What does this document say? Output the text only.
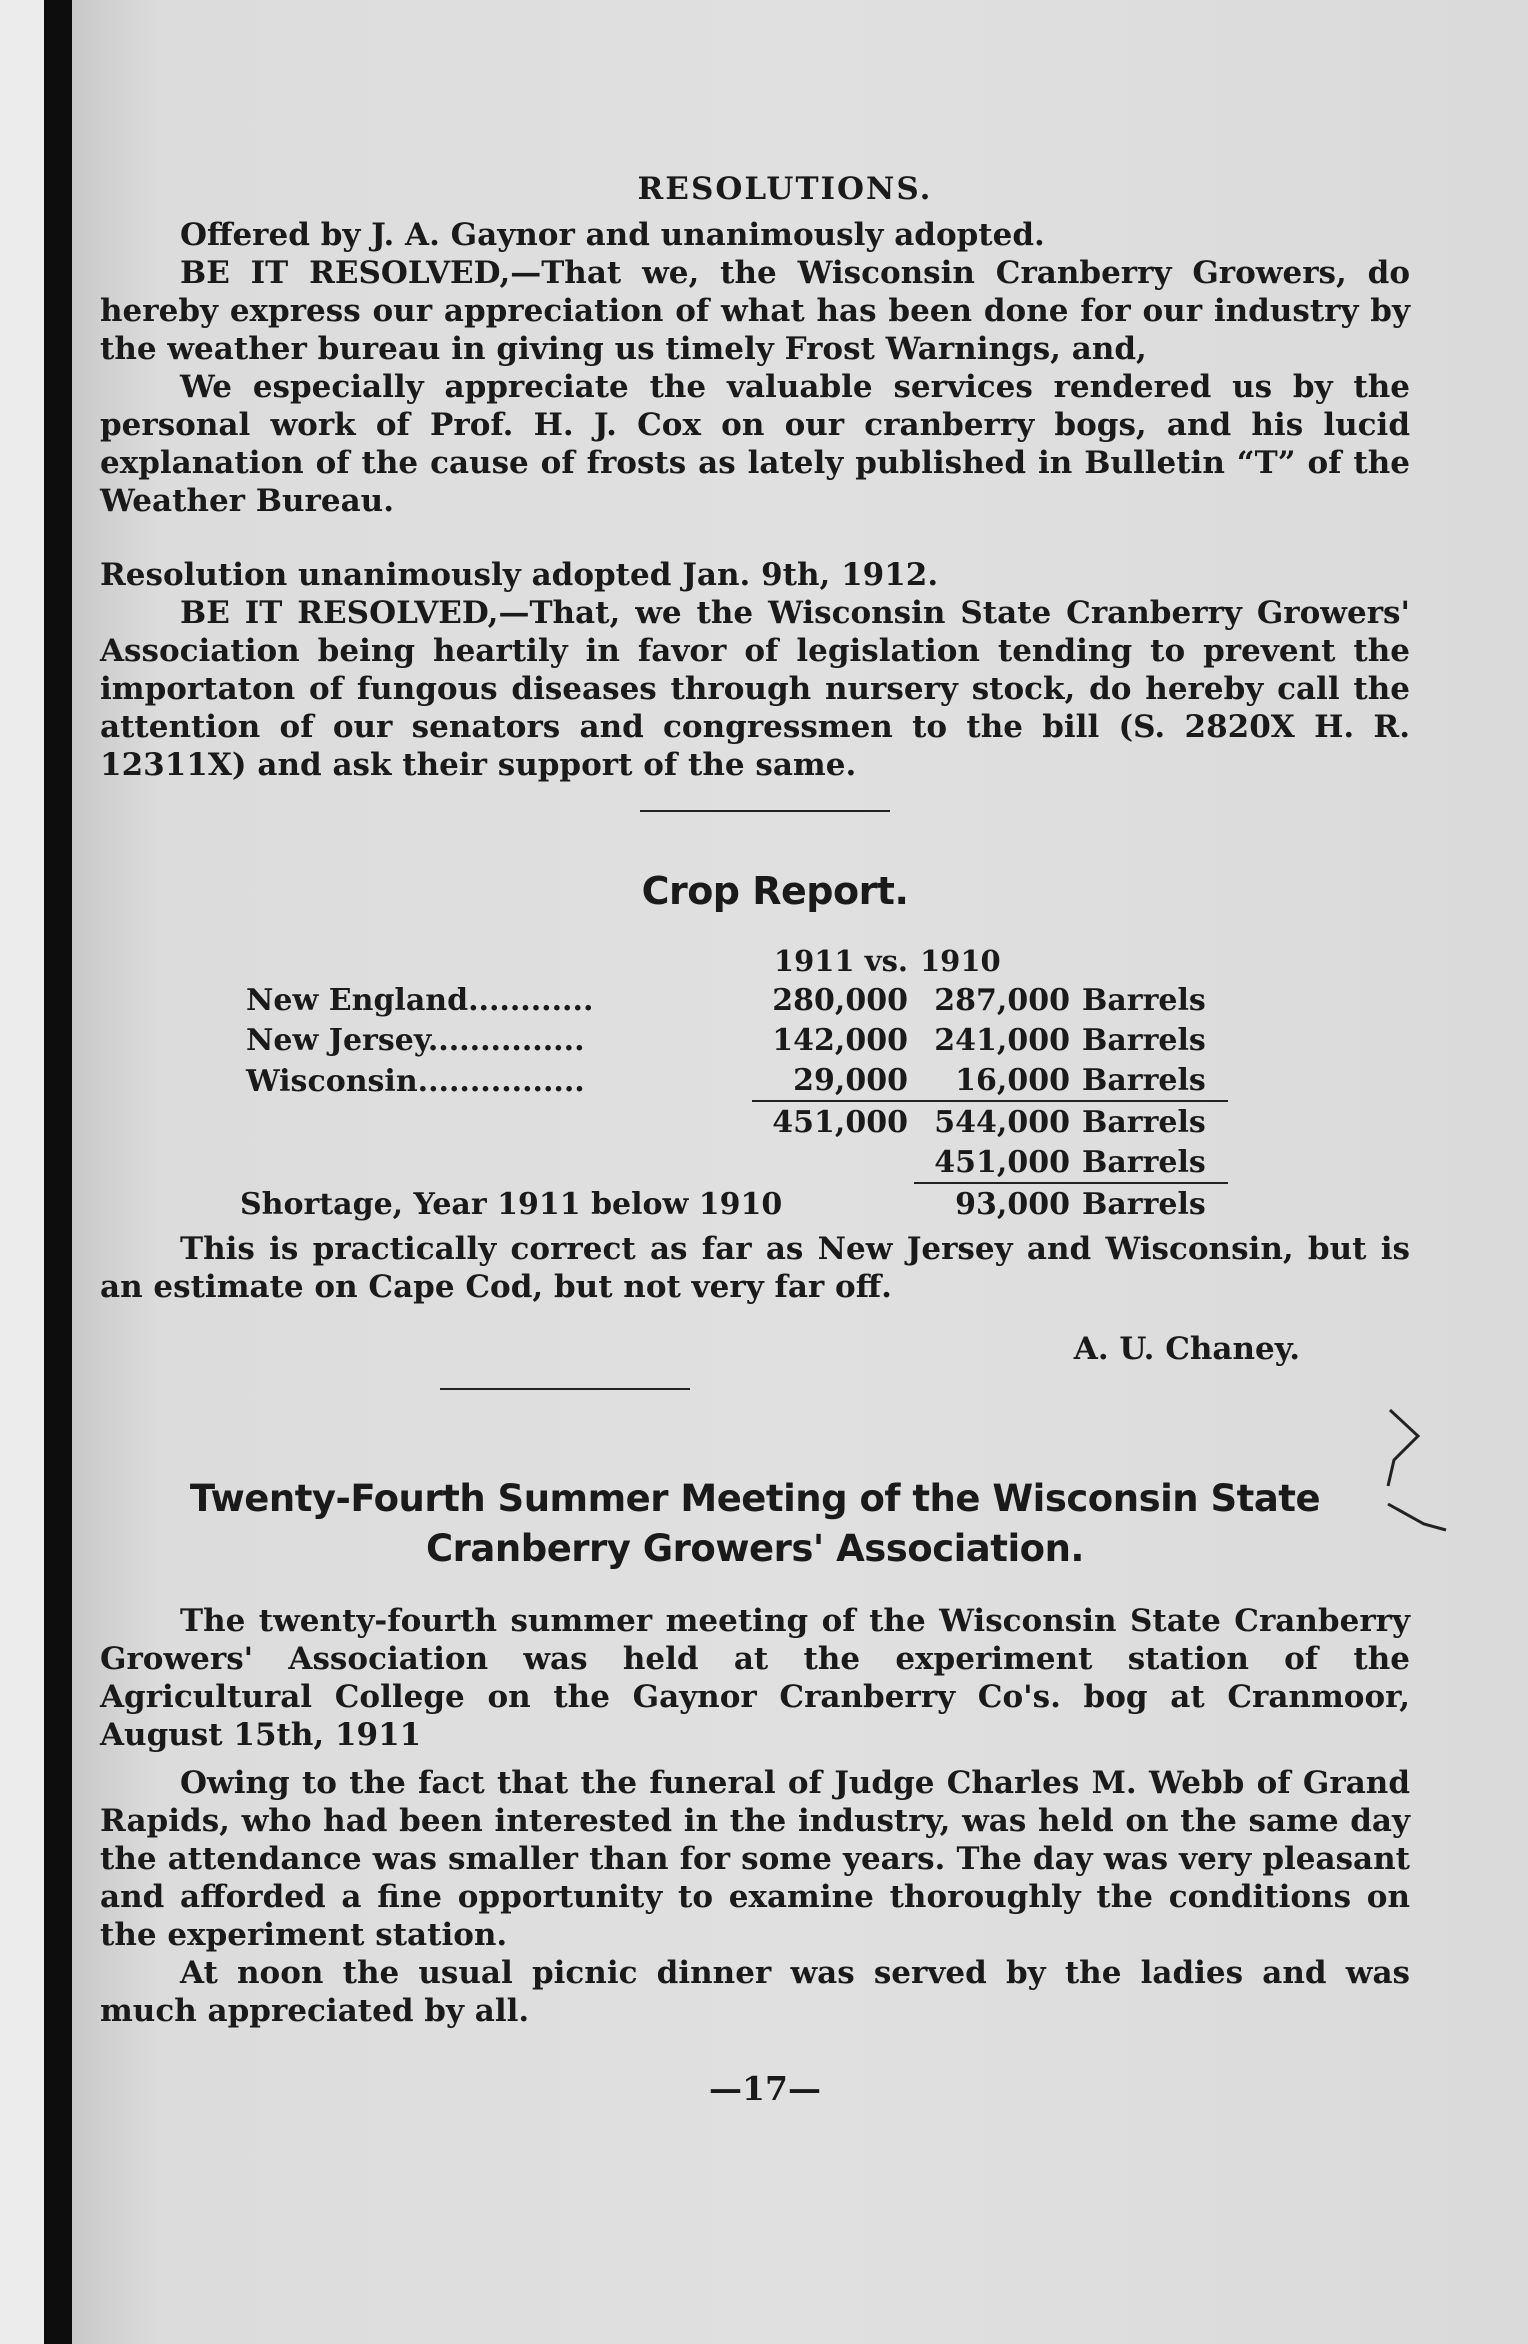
RESOLUTIONS.

Offered by J. A. Gaynor and unanimously adopted.

BE IT RESOLVED,—That we, the Wisconsin Cranberry Growers, do hereby express our appreciation of what has been done for our industry by the weather bureau in giving us timely Frost Warnings, and,

We especially appreciate the valuable services rendered us by the personal work of Prof. H. J. Cox on our cranberry bogs, and his lucid explanation of the cause of frosts as lately published in Bulletin “T” of the Weather Bureau.

Resolution unanimously adopted Jan. 9th, 1912.

BE IT RESOLVED,—That, we the Wisconsin State Cranberry Growers' Association being heartily in favor of legislation tending to prevent the importaton of fungous diseases through nursery stock, do hereby call the attention of our senators and congressmen to the bill (S. 2820X H. R. 12311X) and ask their support of the same.

Crop Report.
	1911 vs.	1910	
New England............	280,000	287,000	Barrels
New Jersey...............	142,000	241,000	Barrels
Wisconsin................	29,000	16,000	Barrels
	451,000	544,000	Barrels
		451,000	Barrels
Shortage, Year 1911 below 1910		93,000	Barrels

This is practically correct as far as New Jersey and Wisconsin, but is an estimate on Cape Cod, but not very far off.

A. U. Chaney.
Twenty-Fourth Summer Meeting of the Wisconsin State
Cranberry Growers' Association.

The twenty-fourth summer meeting of the Wisconsin State Cranberry Growers' Association was held at the experiment station of the Agricultural College on the Gaynor Cranberry Co's. bog at Cranmoor, August 15th, 1911

Owing to the fact that the funeral of Judge Charles M. Webb of Grand Rapids, who had been interested in the industry, was held on the same day the attendance was smaller than for some years. The day was very pleasant and afforded a fine opportunity to examine thoroughly the conditions on the experiment station.

At noon the usual picnic dinner was served by the ladies and was much appreciated by all.

—17—
